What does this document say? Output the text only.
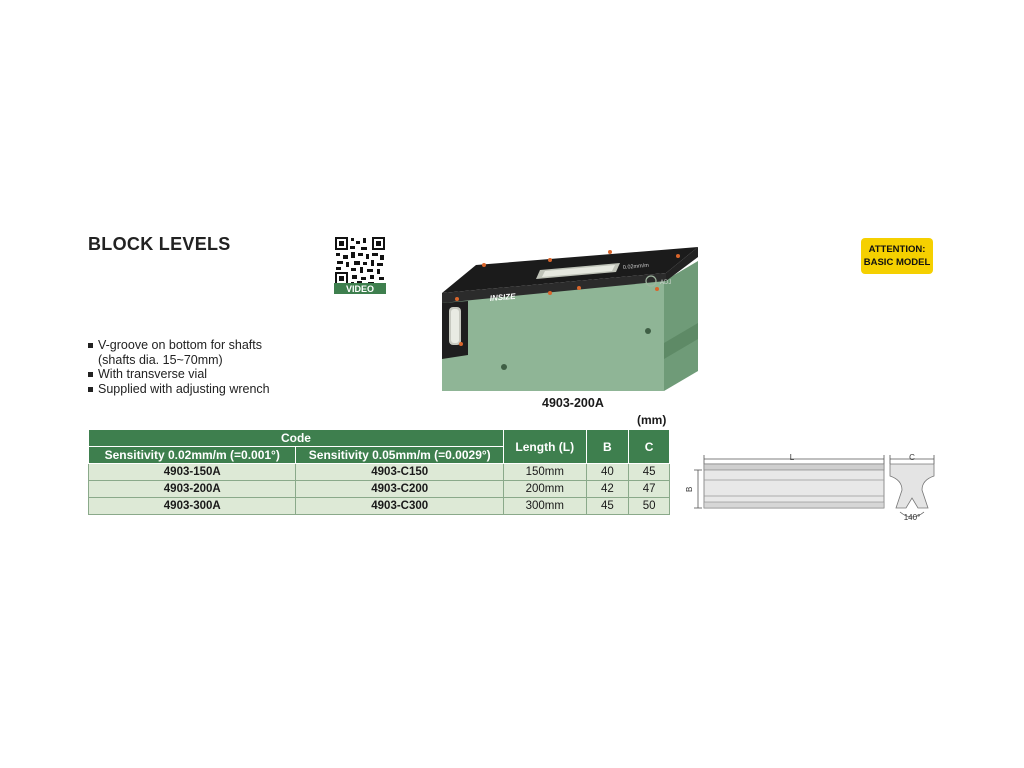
BLOCK LEVELS
VIDEO
ATTENTION:
BASIC MODEL
V-groove on bottom for shafts
(shafts dia. 15~70mm)
With transverse vial
Supplied with adjusting wrench
ADJ
INSIZE
0.02mm/m
4903-200A
(mm)
Code		Length (L)	B	C
Sensitivity 0.02mm/m (=0.001°)	Sensitivity 0.05mm/m (=0.0029°)			
4903-150A	4903-C150	150mm	40	45
4903-200A	4903-C200	200mm	42	47
4903-300A	4903-C300	300mm	45	50
L
B
C
140°
